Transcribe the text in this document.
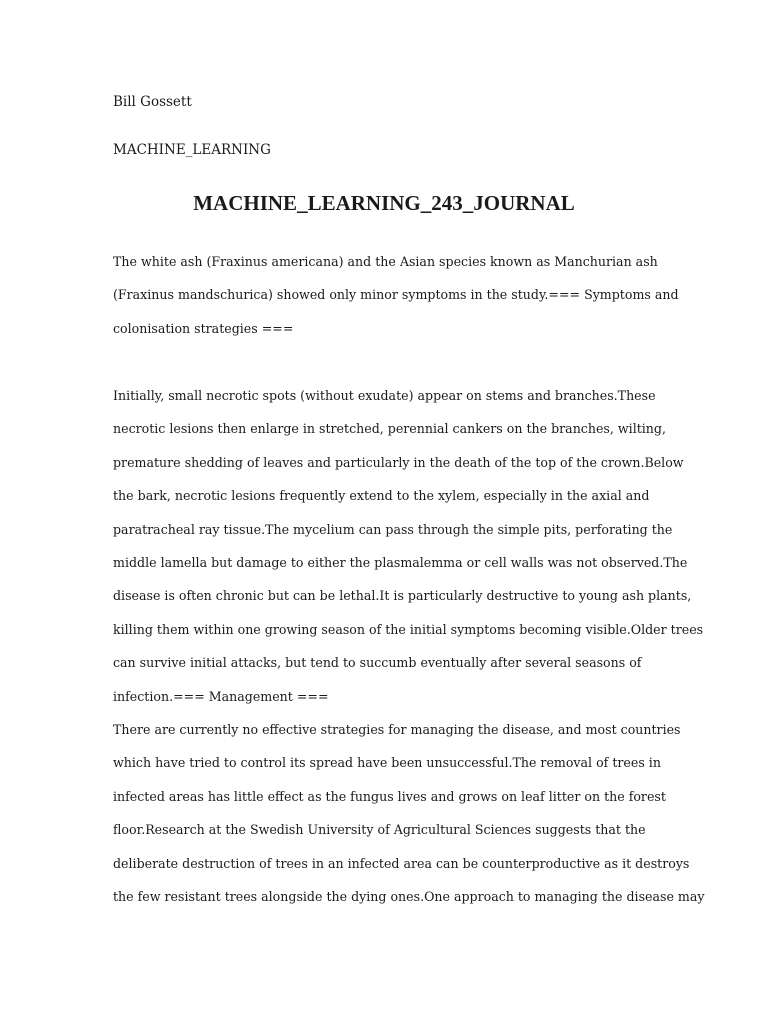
Bill Gossett
MACHINE_LEARNING
MACHINE_LEARNING_243_JOURNAL

The white ash (Fraxinus americana) and the Asian species known as Manchurian ash
(Fraxinus mandschurica) showed only minor symptoms in the study.=== Symptoms and
colonisation strategies ===

Initially, small necrotic spots (without exudate) appear on stems and branches.These
necrotic lesions then enlarge in stretched, perennial cankers on the branches, wilting,
premature shedding of leaves and particularly in the death of the top of the crown.Below
the bark, necrotic lesions frequently extend to the xylem, especially in the axial and
paratracheal ray tissue.The mycelium can pass through the simple pits, perforating the
middle lamella but damage to either the plasmalemma or cell walls was not observed.The
disease is often chronic but can be lethal.It is particularly destructive to young ash plants,
killing them within one growing season of the initial symptoms becoming visible.Older trees
can survive initial attacks, but tend to succumb eventually after several seasons of
infection.=== Management ===

There are currently no effective strategies for managing the disease, and most countries
which have tried to control its spread have been unsuccessful.The removal of trees in
infected areas has little effect as the fungus lives and grows on leaf litter on the forest
floor.Research at the Swedish University of Agricultural Sciences suggests that the
deliberate destruction of trees in an infected area can be counterproductive as it destroys
the few resistant trees alongside the dying ones.One approach to managing the disease may
